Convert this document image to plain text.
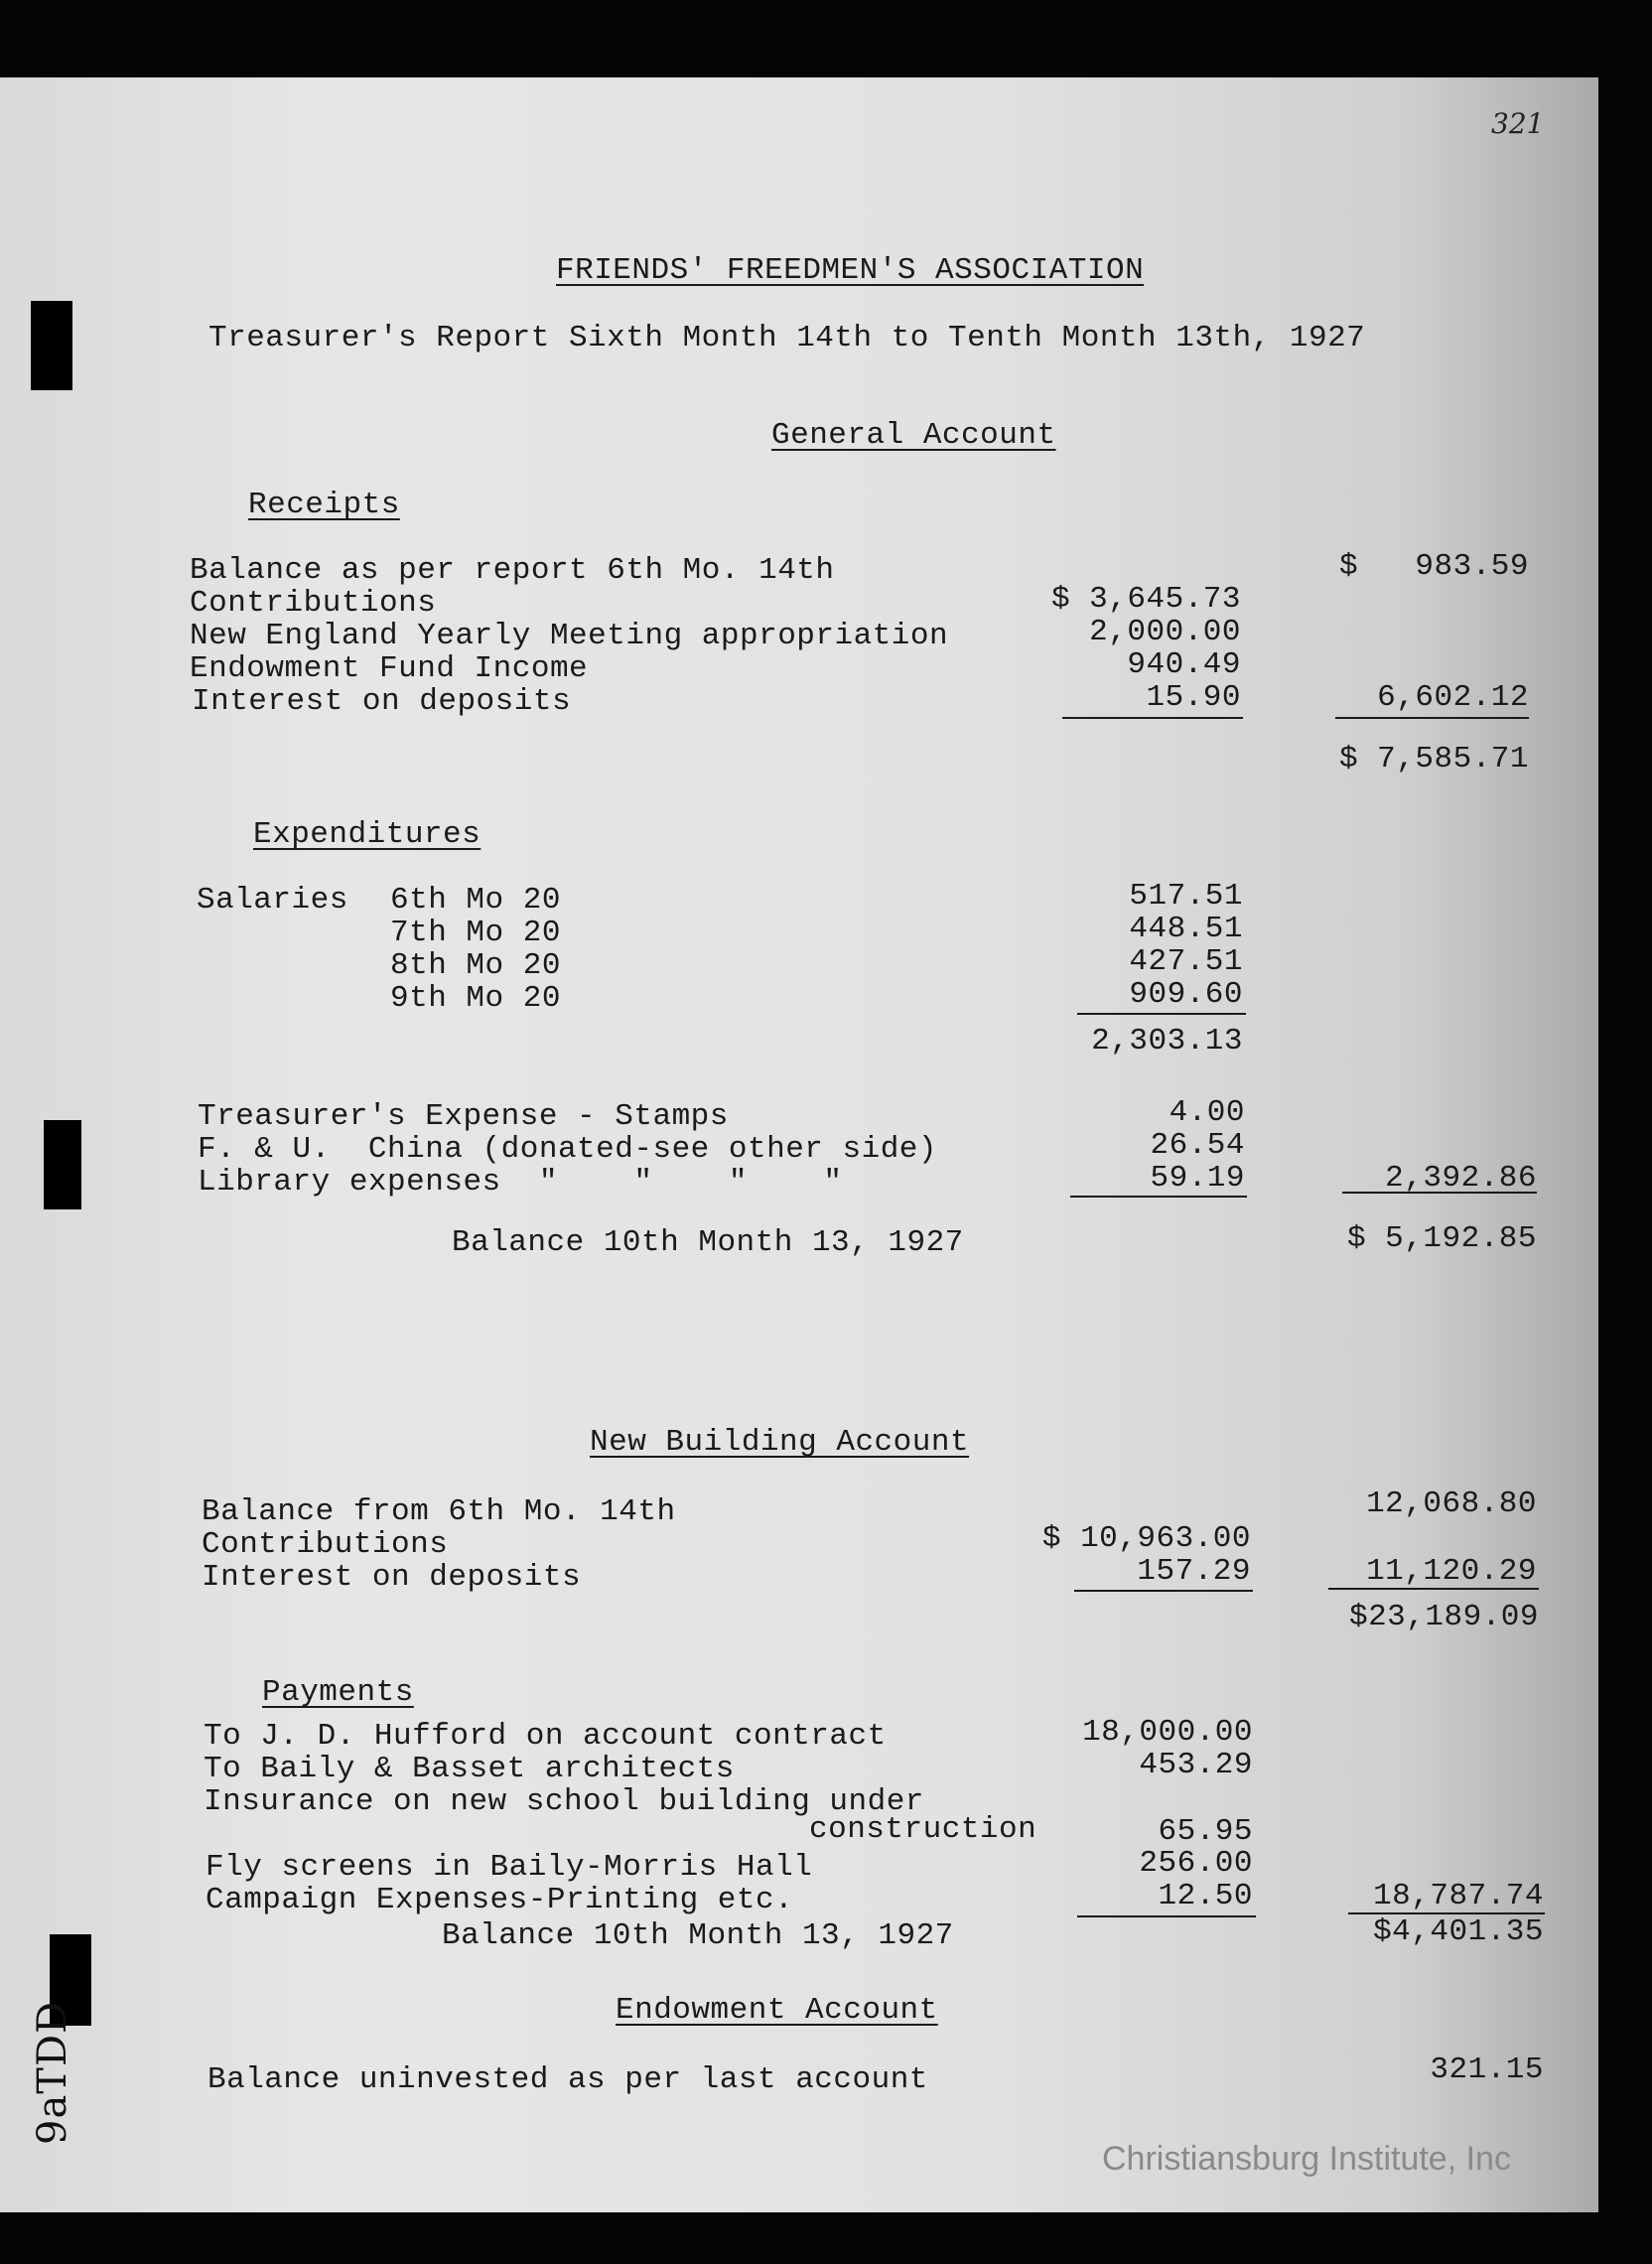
321
FRIENDS' FREEDMEN'S ASSOCIATION
Treasurer's Report Sixth Month 14th to Tenth Month 13th, 1927
General Account
Receipts
Balance as per report 6th Mo. 14th	$   983.59
Contributions	$ 3,645.73
New England Yearly Meeting appropriation	2,000.00
Endowment Fund Income	940.49
Interest on deposits	15.90	6,602.12
$ 7,585.71
Expenditures
Salaries 6th Mo 20	517.51
7th Mo 20	448.51
8th Mo 20	427.51
9th Mo 20	909.60
2,303.13
Treasurer's Expense - Stamps	4.00
F. & U.  China (donated-see other side)	26.54
Library expenses  "    "    "    "	59.19	2,392.86
Balance 10th Month 13, 1927	$ 5,192.85
New Building Account
Balance from 6th Mo. 14th	12,068.80
Contributions	$ 10,963.00
Interest on deposits	157.29	11,120.29
$23,189.09
Payments
To J. D. Hufford on account contract	18,000.00
To Baily & Basset architects	453.29
Insurance on new school building under
construction	65.95
Fly screens in Baily-Morris Hall	256.00
Campaign Expenses-Printing etc.	12.50	18,787.74
Balance 10th Month 13, 1927	$4,401.35
Endowment Account
Balance uninvested as per last account	321.15
9aTDD
Christiansburg Institute, Inc
